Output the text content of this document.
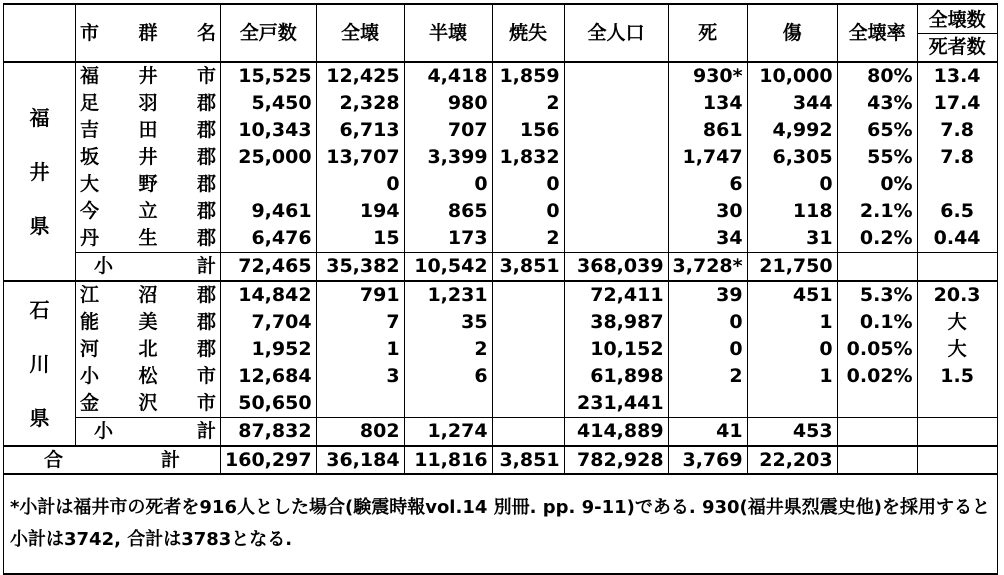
	市 群 名	全戸数	全壊	半壊	焼失	全人口	死	傷	全壊率	全壊数
死者数

福
井
県	福 井 市	15,525	12,425	4,418	1,859		930*	10,000	80%	13.4

	足 羽 郡	5,450	2,328	980	2		134	344	43%	17.4

	吉 田 郡	10,343	6,713	707	156		861	4,992	65%	7.8

	坂 井 郡	25,000	13,707	3,399	1,832		1,747	6,305	55%	7.8

	大 野 郡		0	0	0		6	0	0%	

	今 立 郡	9,461	194	865	0		30	118	2.1%	6.5

	丹 生 郡	6,476	15	173	2		34	31	0.2%	0.44

	小 計	72,465	35,382	10,542	3,851	368,039	3,728*	21,750		

石
川
県	江 沼 郡	14,842	791	1,231		72,411	39	451	5.3%	20.3

	能 美 郡	7,704	7	35		38,987	0	1	0.1%	大

	河 北 郡	1,952	1	2		10,152	0	0	0.05%	大

	小 松 市	12,684	3	6		61,898	2	1	0.02%	1.5

	金 沢 市	50,650				231,441				

	小 計	87,832	802	1,274		414,889	41	453		

合 計		160,297	36,184	11,816	3,851	782,928	3,769	22,203		
*小計は福井市の死者を916人とした場合(験震時報vol.14 別冊. pp. 9-11)である. 930(福井県烈震史他)を採用すると小計は3742, 合計は3783となる.										
